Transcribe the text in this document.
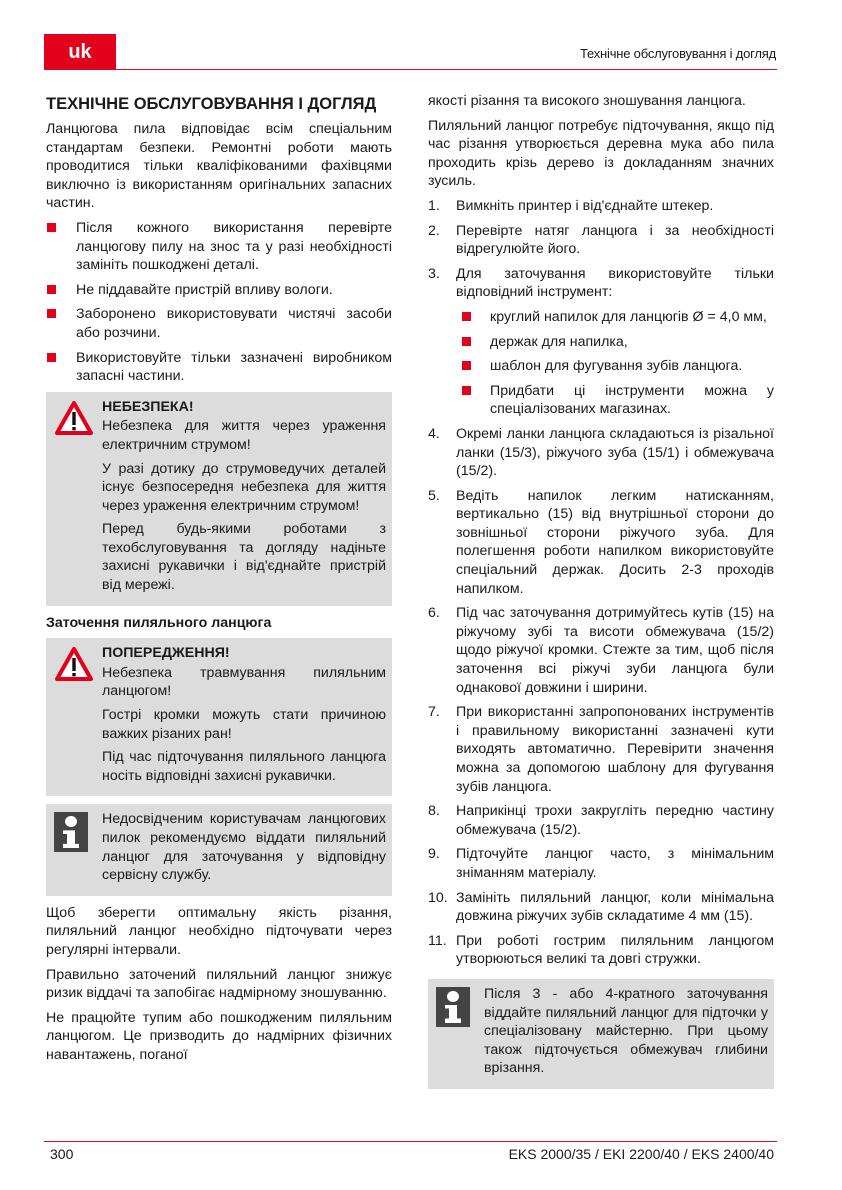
uk	Технічне обслуговування і догляд
ТЕХНІЧНЕ ОБСЛУГОВУВАННЯ І ДОГЛЯД

Ланцюгова пила відповідає всім спеціальним стандартам безпеки. Ремонтні роботи мають проводитися тільки кваліфікованими фахівцями виключно із використанням оригінальних запасних частин.

Після кожного використання перевірте ланцюгову пилу на знос та у разі необхідності замініть пошкоджені деталі.
Не піддавайте пристрій впливу вологи.
Заборонено використовувати чистячі засоби або розчини.
Використовуйте тільки зазначені виробником запасні частини.

НЕБЕЗПЕКА!

Небезпека для життя через ураження електричним струмом!

У разі дотику до струмоведучих деталей існує безпосередня небезпека для життя через ураження електричним струмом!

Перед будь-якими роботами з техобслуговування та догляду надіньте захисні рукавички і від'єднайте пристрій від мережі.

Заточення пиляльного ланцюга

ПОПЕРЕДЖЕННЯ!

Небезпека травмування пиляльним ланцюгом!

Гострі кромки можуть стати причиною важких різаних ран!

Під час підточування пиляльного ланцюга носіть відповідні захисні рукавички.

Недосвідченим користувачам ланцюгових пилок рекомендуємо віддати пиляльний ланцюг для заточування у відповідну сервісну службу.

Щоб зберегти оптимальну якість різання, пиляльний ланцюг необхідно підточувати через регулярні інтервали.

Правильно заточений пиляльний ланцюг знижує ризик віддачі та запобігає надмірному зношуванню.

Не працюйте тупим або пошкодженим пиляльним ланцюгом. Це призводить до надмірних фізичних навантажень, поганої

якості різання та високого зношування ланцюга.

Пиляльний ланцюг потребує підточування, якщо під час різання утворюється деревна мука або пила проходить крізь дерево із докладанням значних зусиль.

1. Вимкніть принтер і від'єднайте штекер.
2. Перевірте натяг ланцюга і за необхідності відрегулюйте його.
3. Для заточування використовуйте тільки відповідний інструмент:
круглий напилок для ланцюгів Ø = 4,0 мм,
держак для напилка,
шаблон для фугування зубів ланцюга.
Придбати ці інструменти можна у спеціалізованих магазинах.
4. Окремі ланки ланцюга складаються із різальної ланки (15/3), ріжучого зуба (15/1) і обмежувача (15/2).
5. Ведіть напилок легким натисканням, вертикально (15) від внутрішньої сторони до зовнішньої сторони ріжучого зуба. Для полегшення роботи напилком використовуйте спеціальний держак. Досить 2-3 проходів напилком.
6. Під час заточування дотримуйтесь кутів (15) на ріжучому зубі та висоти обмежувача (15/2) щодо ріжучої кромки. Стежте за тим, щоб після заточення всі ріжучі зуби ланцюга були однакової довжини і ширини.
7. При використанні запропонованих інструментів і правильному використанні зазначені кути виходять автоматично. Перевірити значення можна за допомогою шаблону для фугування зубів ланцюга.
8. Наприкінці трохи закругліть передню частину обмежувача (15/2).
9. Підточуйте ланцюг часто, з мінімальним зніманням матеріалу.
10. Замініть пиляльний ланцюг, коли мінімальна довжина ріжучих зубів складатиме 4 мм (15).
11. При роботі гострим пиляльним ланцюгом утворюються великі та довгі стружки.

Після 3 - або 4-кратного заточування віддайте пиляльний ланцюг для підточки у спеціалізовану майстерню. При цьому також підточується обмежувач глибини врізання.

300	EKS 2000/35 / EKI 2200/40 / EKS 2400/40
